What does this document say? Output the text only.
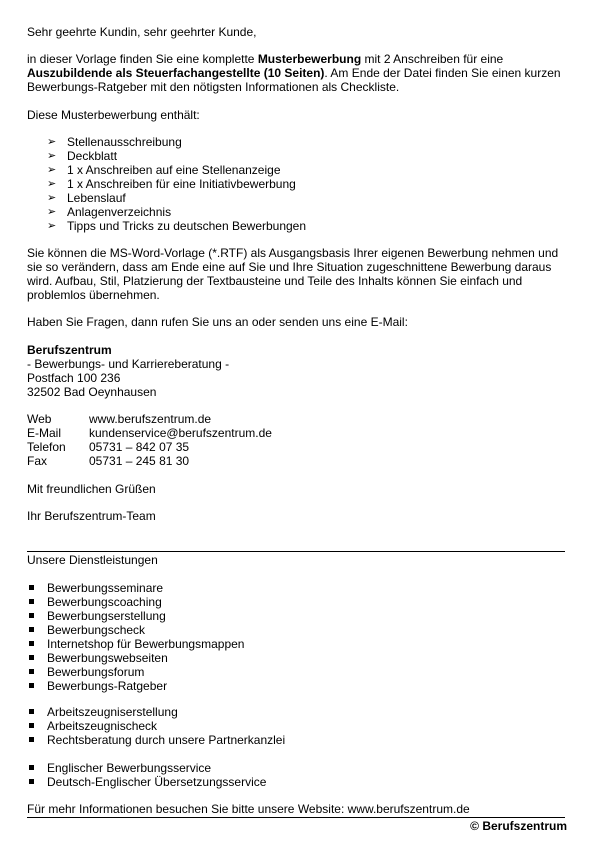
Sehr geehrte Kundin, sehr geehrter Kunde,

in dieser Vorlage finden Sie eine komplette Musterbewerbung mit 2 Anschreiben für eine

Auszubildende als Steuerfachangestellte (10 Seiten). Am Ende der Datei finden Sie einen kurzen

Bewerbungs-Ratgeber mit den nötigsten Informationen als Checkliste.

Diese Musterbewerbung enthält:

➢ Stellenausschreibung
➢ Deckblatt
➢ 1 x Anschreiben auf eine Stellenanzeige
➢ 1 x Anschreiben für eine Initiativbewerbung
➢ Lebenslauf
➢ Anlagenverzeichnis
➢ Tipps und Tricks zu deutschen Bewerbungen

Sie können die MS-Word-Vorlage (*.RTF) als Ausgangsbasis Ihrer eigenen Bewerbung nehmen und

sie so verändern, dass am Ende eine auf Sie und Ihre Situation zugeschnittene Bewerbung daraus

wird. Aufbau, Stil, Platzierung der Textbausteine und Teile des Inhalts können Sie einfach und

problemlos übernehmen.

Haben Sie Fragen, dann rufen Sie uns an oder senden uns eine E-Mail:

Berufszentrum

- Bewerbungs- und Karriereberatung -

Postfach 100 236

32502 Bad Oeynhausen

Web	www.berufszentrum.de
E-Mail	kundenservice@berufszentrum.de
Telefon	05731 – 842 07 35
Fax	05731 – 245 81 30

Mit freundlichen Grüßen

Ihr Berufszentrum-Team

Unsere Dienstleistungen

Bewerbungsseminare
Bewerbungscoaching
Bewerbungserstellung
Bewerbungscheck
Internetshop für Bewerbungsmappen
Bewerbungswebseiten
Bewerbungsforum
Bewerbungs-Ratgeber
Arbeitszeugniserstellung
Arbeitszeugnischeck
Rechtsberatung durch unsere Partnerkanzlei
Englischer Bewerbungsservice
Deutsch-Englischer Übersetzungsservice

Für mehr Informationen besuchen Sie bitte unsere Website: www.berufszentrum.de

© Berufszentrum
